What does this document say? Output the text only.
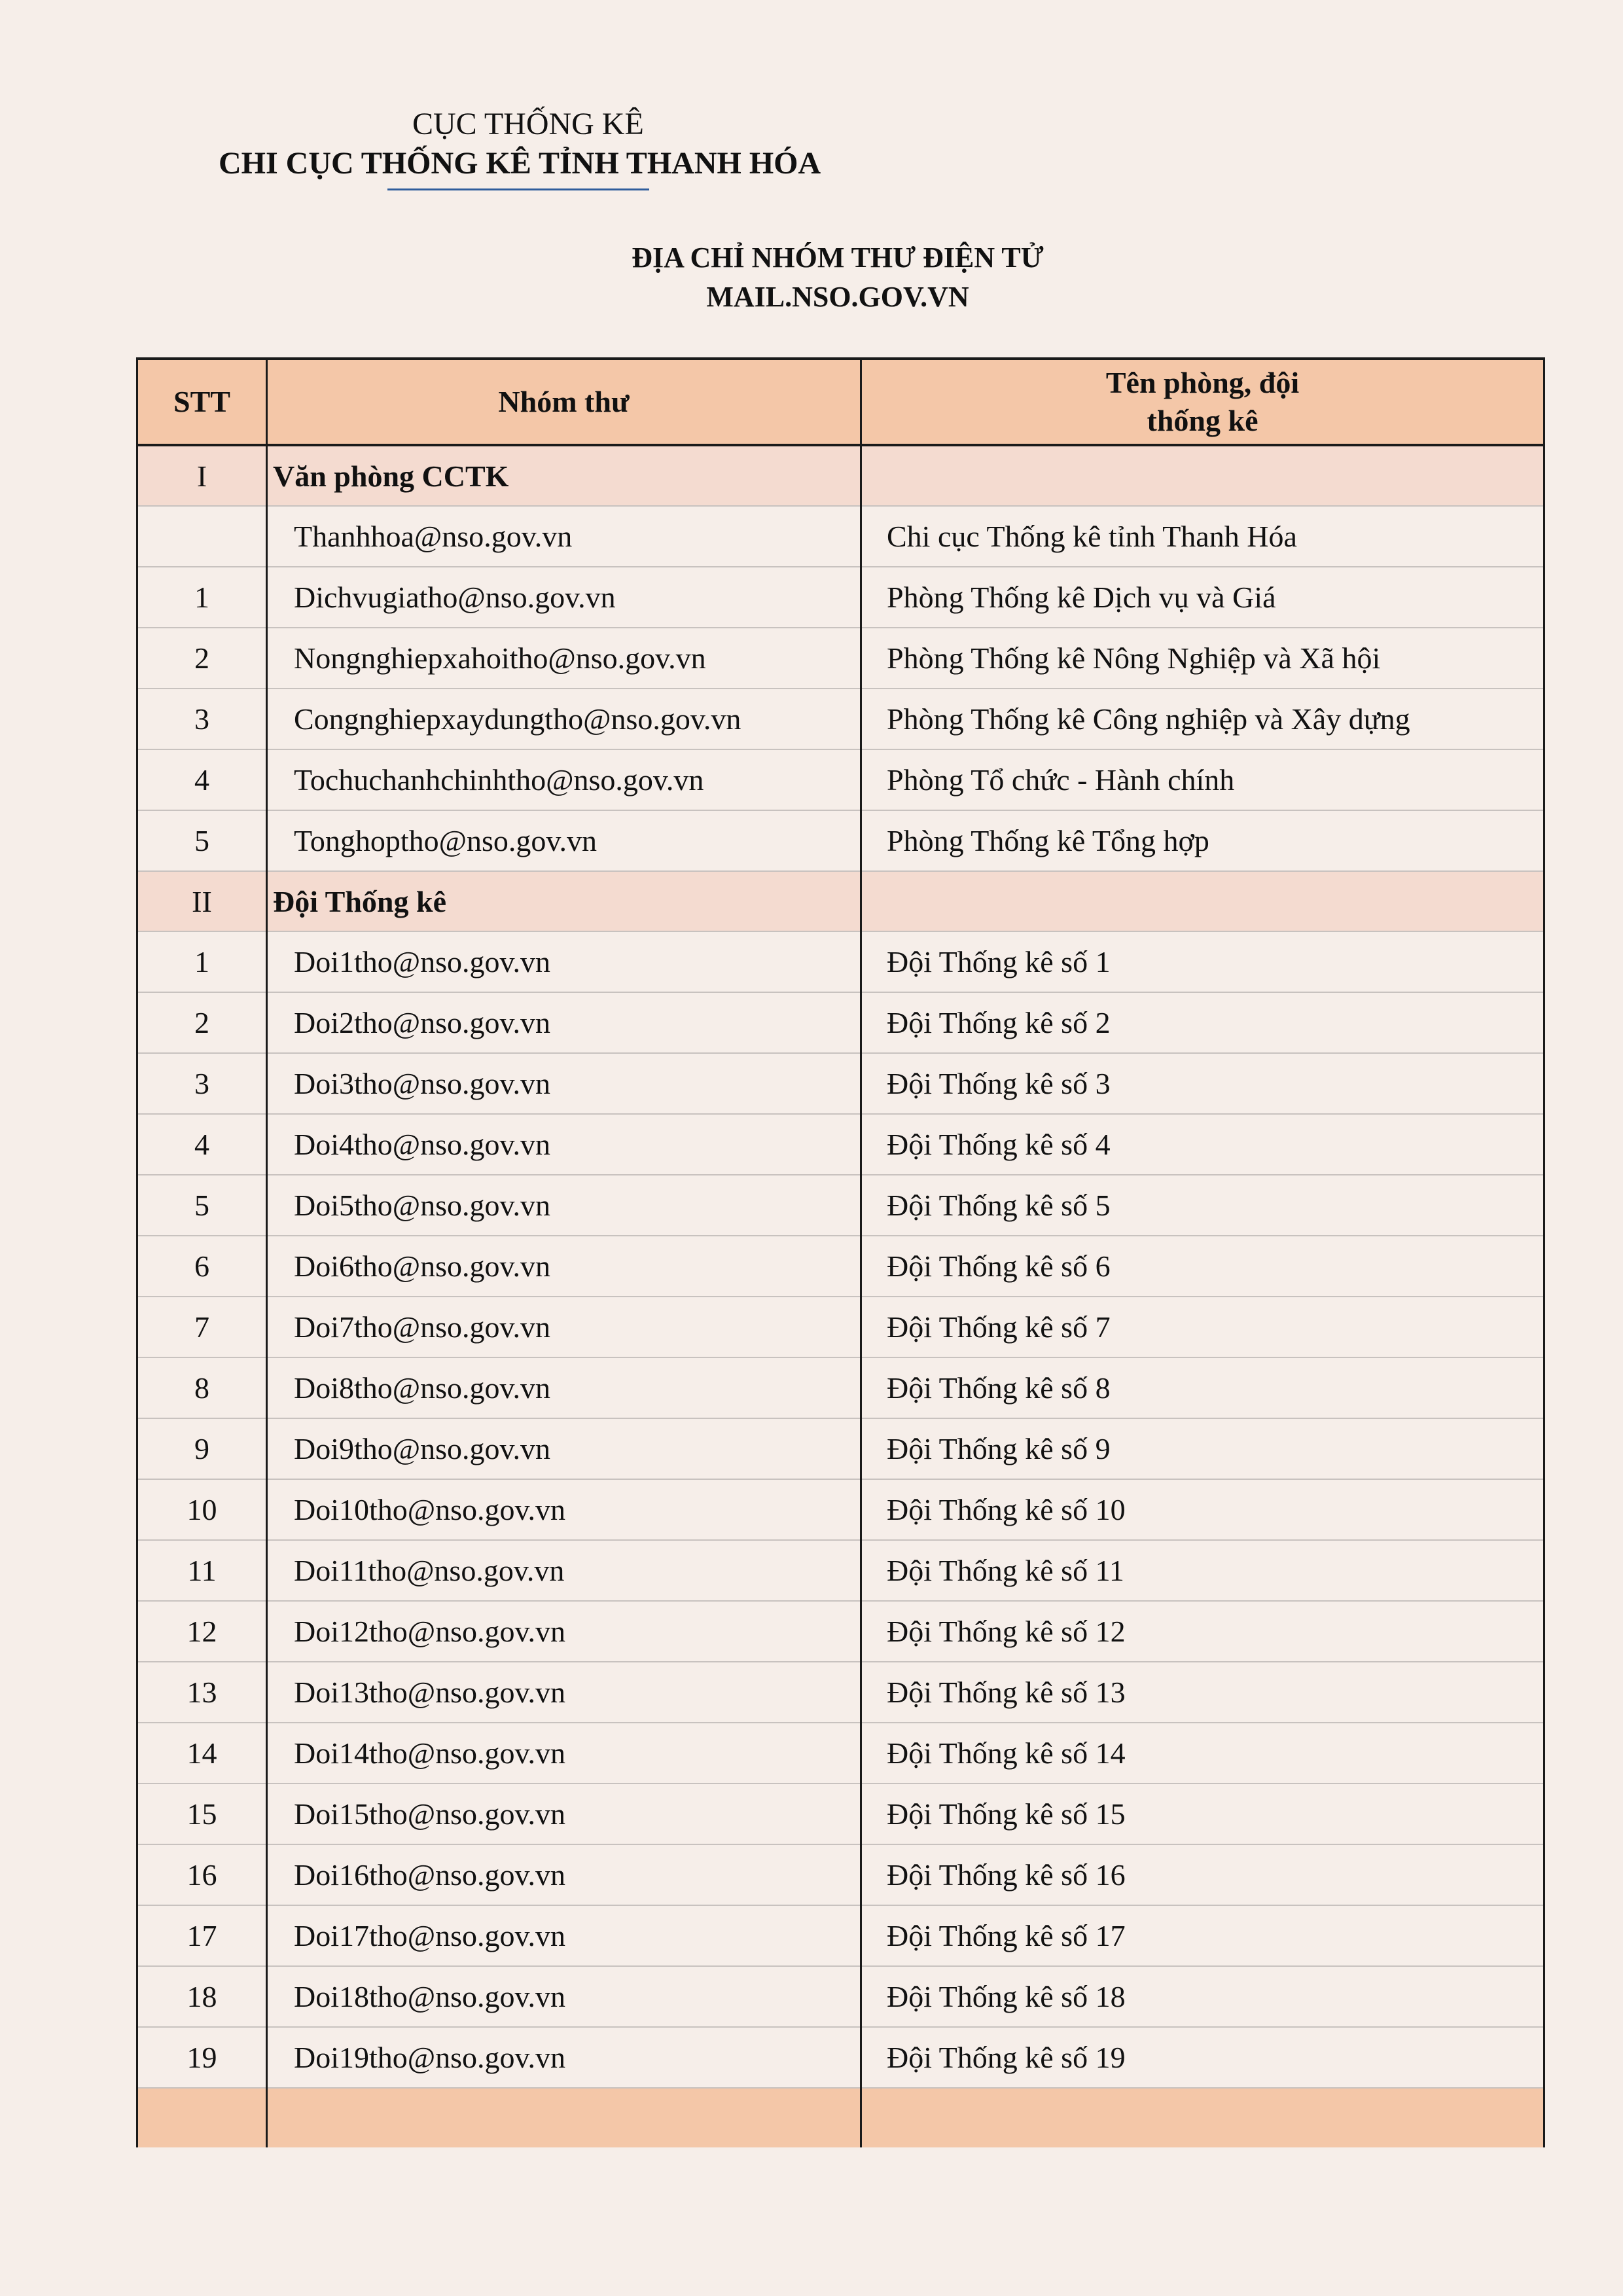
CỤC THỐNG KÊ
CHI CỤC THỐNG KÊ TỈNH THANH HÓA
ĐỊA CHỈ NHÓM THƯ ĐIỆN TỬ
MAIL.NSO.GOV.VN
STT	Nhóm thư	Tên phòng, đội
thống kê
I	Văn phòng CCTK	
	Thanhhoa@nso.gov.vn	Chi cục Thống kê tỉnh Thanh Hóa
1	Dichvugiatho@nso.gov.vn	Phòng Thống kê Dịch vụ và Giá
2	Nongnghiepxahoitho@nso.gov.vn	Phòng Thống kê Nông Nghiệp và Xã hội
3	Congnghiepxaydungtho@nso.gov.vn	Phòng Thống kê Công nghiệp và Xây dựng
4	Tochuchanhchinhtho@nso.gov.vn	Phòng Tổ chức - Hành chính
5	Tonghoptho@nso.gov.vn	Phòng Thống kê Tổng hợp
II	Đội Thống kê	
1	Doi1tho@nso.gov.vn	Đội Thống kê số 1
2	Doi2tho@nso.gov.vn	Đội Thống kê số 2
3	Doi3tho@nso.gov.vn	Đội Thống kê số 3
4	Doi4tho@nso.gov.vn	Đội Thống kê số 4
5	Doi5tho@nso.gov.vn	Đội Thống kê số 5
6	Doi6tho@nso.gov.vn	Đội Thống kê số 6
7	Doi7tho@nso.gov.vn	Đội Thống kê số 7
8	Doi8tho@nso.gov.vn	Đội Thống kê số 8
9	Doi9tho@nso.gov.vn	Đội Thống kê số 9
10	Doi10tho@nso.gov.vn	Đội Thống kê số 10
11	Doi11tho@nso.gov.vn	Đội Thống kê số 11
12	Doi12tho@nso.gov.vn	Đội Thống kê số 12
13	Doi13tho@nso.gov.vn	Đội Thống kê số 13
14	Doi14tho@nso.gov.vn	Đội Thống kê số 14
15	Doi15tho@nso.gov.vn	Đội Thống kê số 15
16	Doi16tho@nso.gov.vn	Đội Thống kê số 16
17	Doi17tho@nso.gov.vn	Đội Thống kê số 17
18	Doi18tho@nso.gov.vn	Đội Thống kê số 18
19	Doi19tho@nso.gov.vn	Đội Thống kê số 19
